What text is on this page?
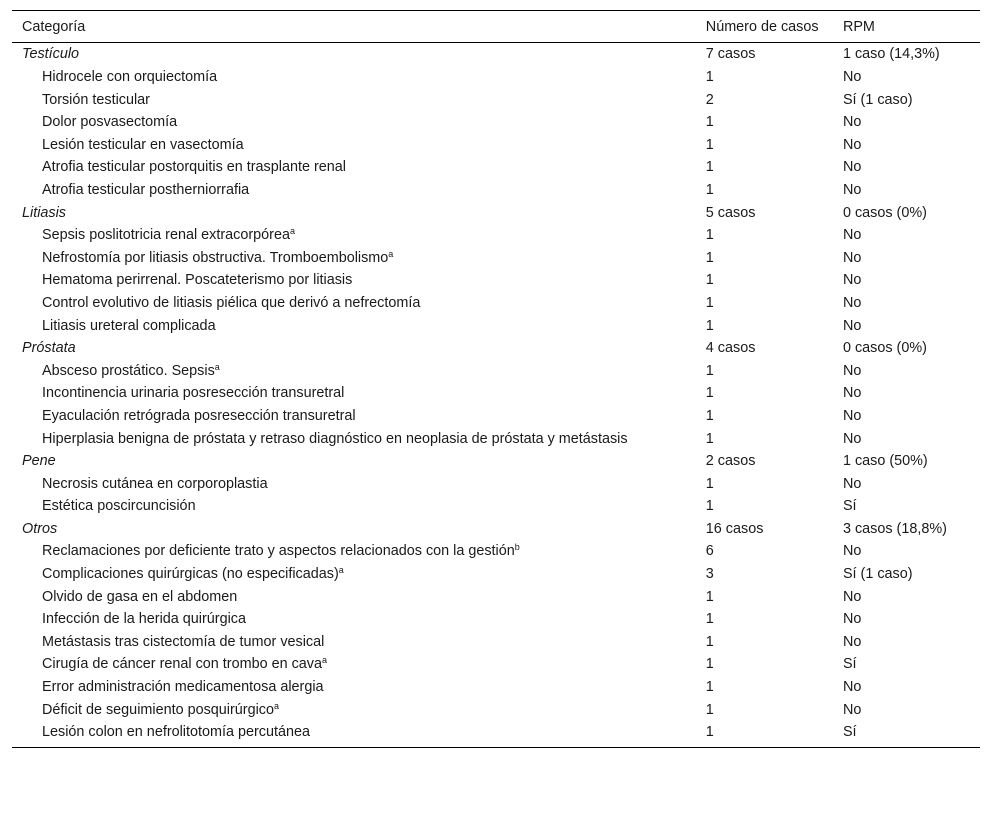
Categoría	Número de casos	RPM
Testículo	7 casos	1 caso (14,3%)
Hidrocele con orquiectomía	1	No
Torsión testicular	2	Sí (1 caso)
Dolor posvasectomía	1	No
Lesión testicular en vasectomía	1	No
Atrofia testicular postorquitis en trasplante renal	1	No
Atrofia testicular postherniorrafia	1	No
Litiasis	5 casos	0 casos (0%)
Sepsis poslitotricia renal extracorpórea$^a$	1	No
Nefrostomía por litiasis obstructiva. Tromboembolismo$^a$	1	No
Hematoma perirrenal. Poscateterismo por litiasis	1	No
Control evolutivo de litiasis piélica que derivó a nefrectomía	1	No
Litiasis ureteral complicada	1	No
Próstata	4 casos	0 casos (0%)
Absceso prostático. Sepsis$^a$	1	No
Incontinencia urinaria posresección transuretral	1	No
Eyaculación retrógrada posresección transuretral	1	No
Hiperplasia benigna de próstata y retraso diagnóstico en neoplasia de próstata y metástasis	1	No
Pene	2 casos	1 caso (50%)
Necrosis cutánea en corporoplastia	1	No
Estética poscircuncisión	1	Sí
Otros	16 casos	3 casos (18,8%)
Reclamaciones por deficiente trato y aspectos relacionados con la gestión$^b$	6	No
Complicaciones quirúrgicas (no especificadas)$^a$	3	Sí (1 caso)
Olvido de gasa en el abdomen	1	No
Infección de la herida quirúrgica	1	No
Metástasis tras cistectomía de tumor vesical	1	No
Cirugía de cáncer renal con trombo en cava$^a$	1	Sí
Error administración medicamentosa alergia	1	No
Déficit de seguimiento posquirúrgico$^a$	1	No
Lesión colon en nefrolitotomía percutánea	1	Sí
